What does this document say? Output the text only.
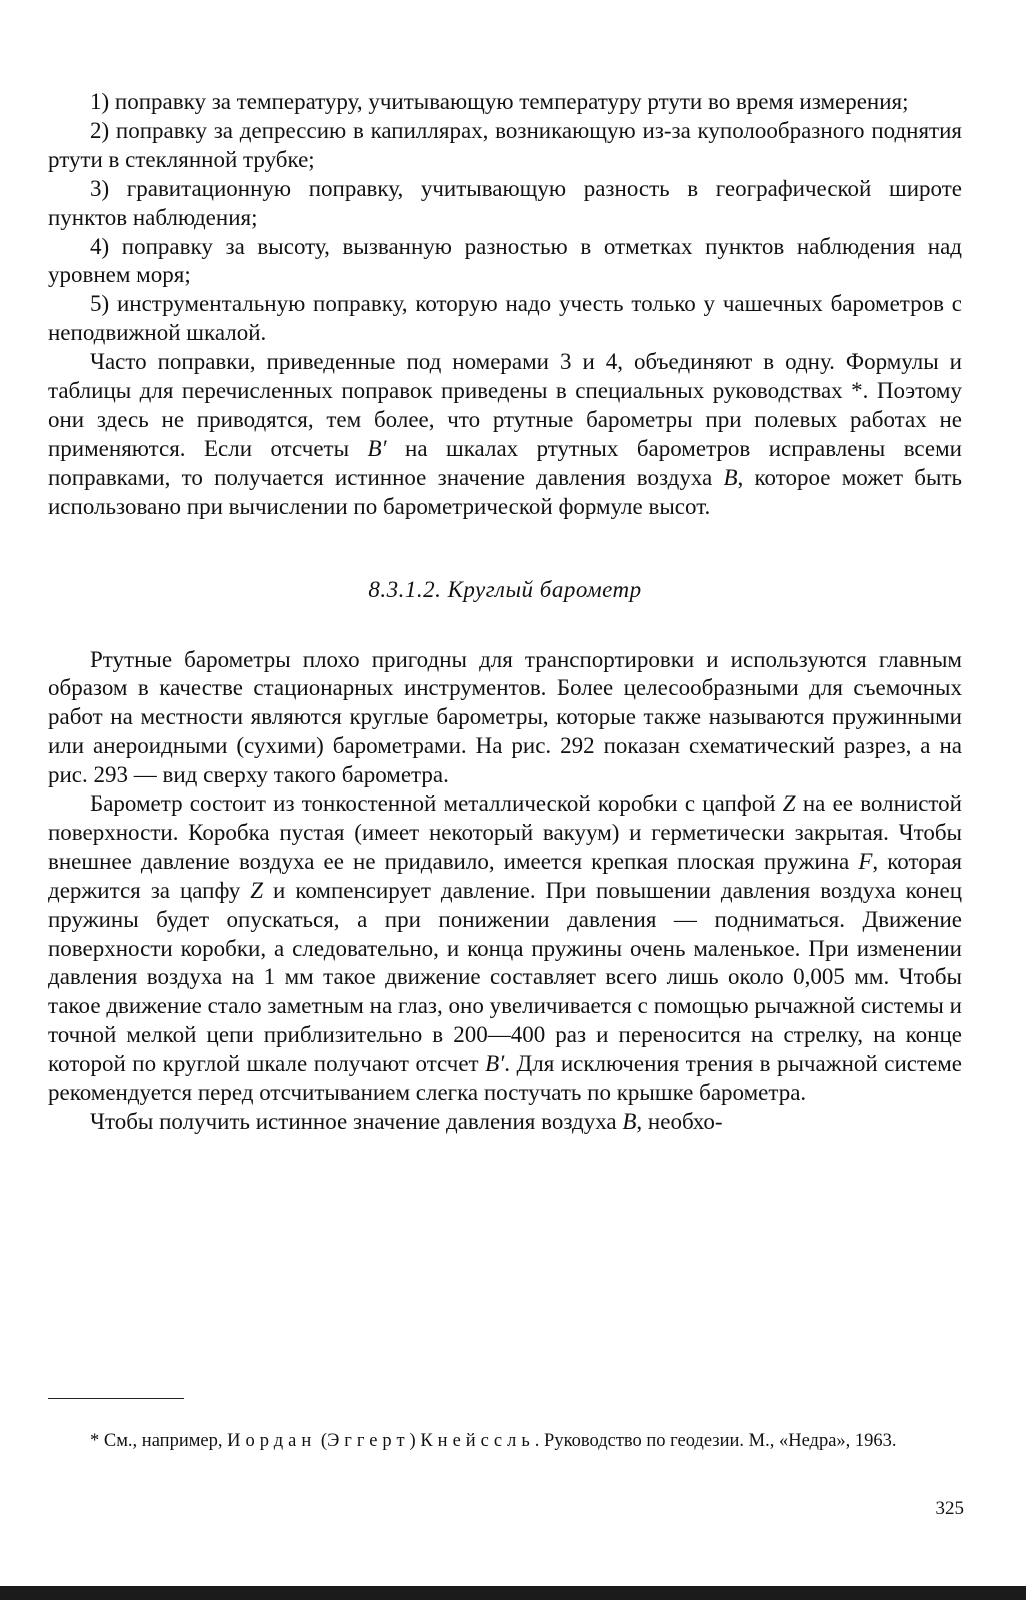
1) поправку за температуру, учитывающую температуру ртути во время измерения;

2) поправку за депрессию в капиллярах, возникающую из-за куполообразного поднятия ртути в стеклянной трубке;

3) гравитационную поправку, учитывающую разность в географической широте пунктов наблюдения;

4) поправку за высоту, вызванную разностью в отметках пунктов наблюдения над уровнем моря;

5) инструментальную поправку, которую надо учесть только у чашечных барометров с неподвижной шкалой.

Часто поправки, приведенные под номерами 3 и 4, объединяют в одну. Формулы и таблицы для перечисленных поправок приведены в специальных руководствах *. Поэтому они здесь не приводятся, тем более, что ртутные барометры при полевых работах не применяются. Если отсчеты B′ на шкалах ртутных барометров исправлены всеми поправками, то получается истинное значение давления воздуха B, которое может быть использовано при вычислении по барометрической формуле высот.

8.3.1.2. Круглый барометр

Ртутные барометры плохо пригодны для транспортировки и используются главным образом в качестве стационарных инструментов. Более целесообразными для съемочных работ на местности являются круглые барометры, которые также называются пружинными или анероидными (сухими) барометрами. На рис. 292 показан схематический разрез, а на рис. 293 — вид сверху такого барометра.

Барометр состоит из тонкостенной металлической коробки с цапфой Z на ее волнистой поверхности. Коробка пустая (имеет некоторый вакуум) и герметически закрытая. Чтобы внешнее давление воздуха ее не придавило, имеется крепкая плоская пружина F, которая держится за цапфу Z и компенсирует давление. При повышении давления воздуха конец пружины будет опускаться, а при понижении давления — подниматься. Движение поверхности коробки, а следовательно, и конца пружины очень маленькое. При изменении давления воздуха на 1 мм такое движение составляет всего лишь около 0,005 мм. Чтобы такое движение стало заметным на глаз, оно увеличивается с помощью рычажной системы и точной мелкой цепи приблизительно в 200—400 раз и переносится на стрелку, на конце которой по круглой шкале получают отсчет B′. Для исключения трения в рычажной системе рекомендуется перед отсчитыванием слегка постучать по крышке барометра.

Чтобы получить истинное значение давления воздуха B, необхо-

* См., например, Иордан (Эггерт) Кнейссль. Руководство по геодезии. М., «Недра», 1963.

325
